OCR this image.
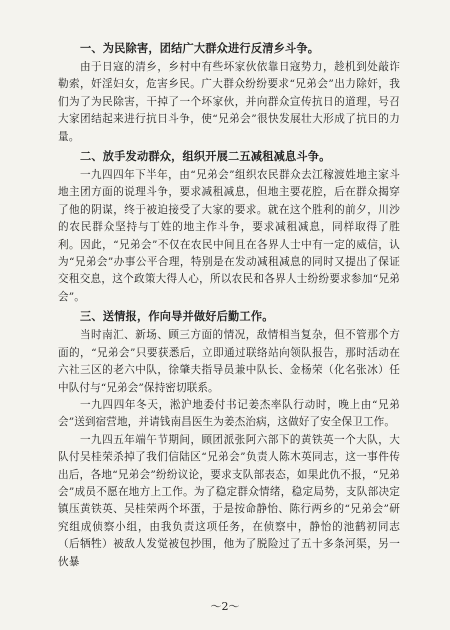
一、为民除害，团结广大群众进行反清乡斗争。

由于日寇的清乡，乡村中有些坏家伙依靠日寇势力，趁机到处敲诈勒索，奸淫妇女，危害乡民。广大群众纷纷要求“兄弟会”出力除奸，我们为了为民除害，干掉了一个坏家伙，并向群众宣传抗日的道理，号召大家团结起来进行抗日斗争，使“兄弟会”很快发展壮大形成了抗日的力量。

二、放手发动群众，组织开展二五减租减息斗争。

一九四四年下半年，由“兄弟会”组织农民群众去江稼渡姓地主家斗地主团方面的说理斗争，要求减租减息，但地主要花腔，后在群众揭穿了他的阴谋，终于被迫接受了大家的要求。就在这个胜利的前夕，川沙的农民群众坚持与丁姓的地主作斗争，要求减租减息，同样取得了胜利。因此，“兄弟会”不仅在农民中间且在各界人士中有一定的威信，认为“兄弟会”办事公平合理，特别是在发动减租减息的同时又提出了保证交租交息，这个政策大得人心，所以农民和各界人士纷纷要求参加“兄弟会”。

三、送情报，作向导并做好后勤工作。

当时南汇、新场、顾三方面的情况，敌情相当复杂，但不管那个方面的，“兄弟会”只要获悉后，立即通过联络站向领队报告，那时活动在六社三区的老六中队，徐肇夫指导员兼中队长、金杨荣（化名张冰）任中队付与“兄弟会”保持密切联系。

一九四四年冬天，淞沪地委付书记姜杰率队行动时，晚上由“兄弟会”送到宿营地，并请钱南昌医生为姜杰治病，这做好了安全保卫工作。

一九四五年端午节期间，顾团派张阿六部下的黄铁英一个大队，大队付吴桂荣杀掉了我们信陆区“兄弟会”负责人陈木英同志，这一事件传出后，各地“兄弟会”纷纷议论，要求支队部表态，如果此仇不报，“兄弟会”成员不愿在地方上工作。为了稳定群众情绪，稳定局势，支队部决定镇压黄铁英、吴桂荣两个坏蛋，于是按命静怡、陈行两乡的“兄弟会”研究组成侦察小组，由我负责这项任务，在侦察中，静怡的池鹤初同志（后牺牲）被敌人发觉被包抄围，他为了脱险过了五十多条河渠，另一伙暴

～2～
